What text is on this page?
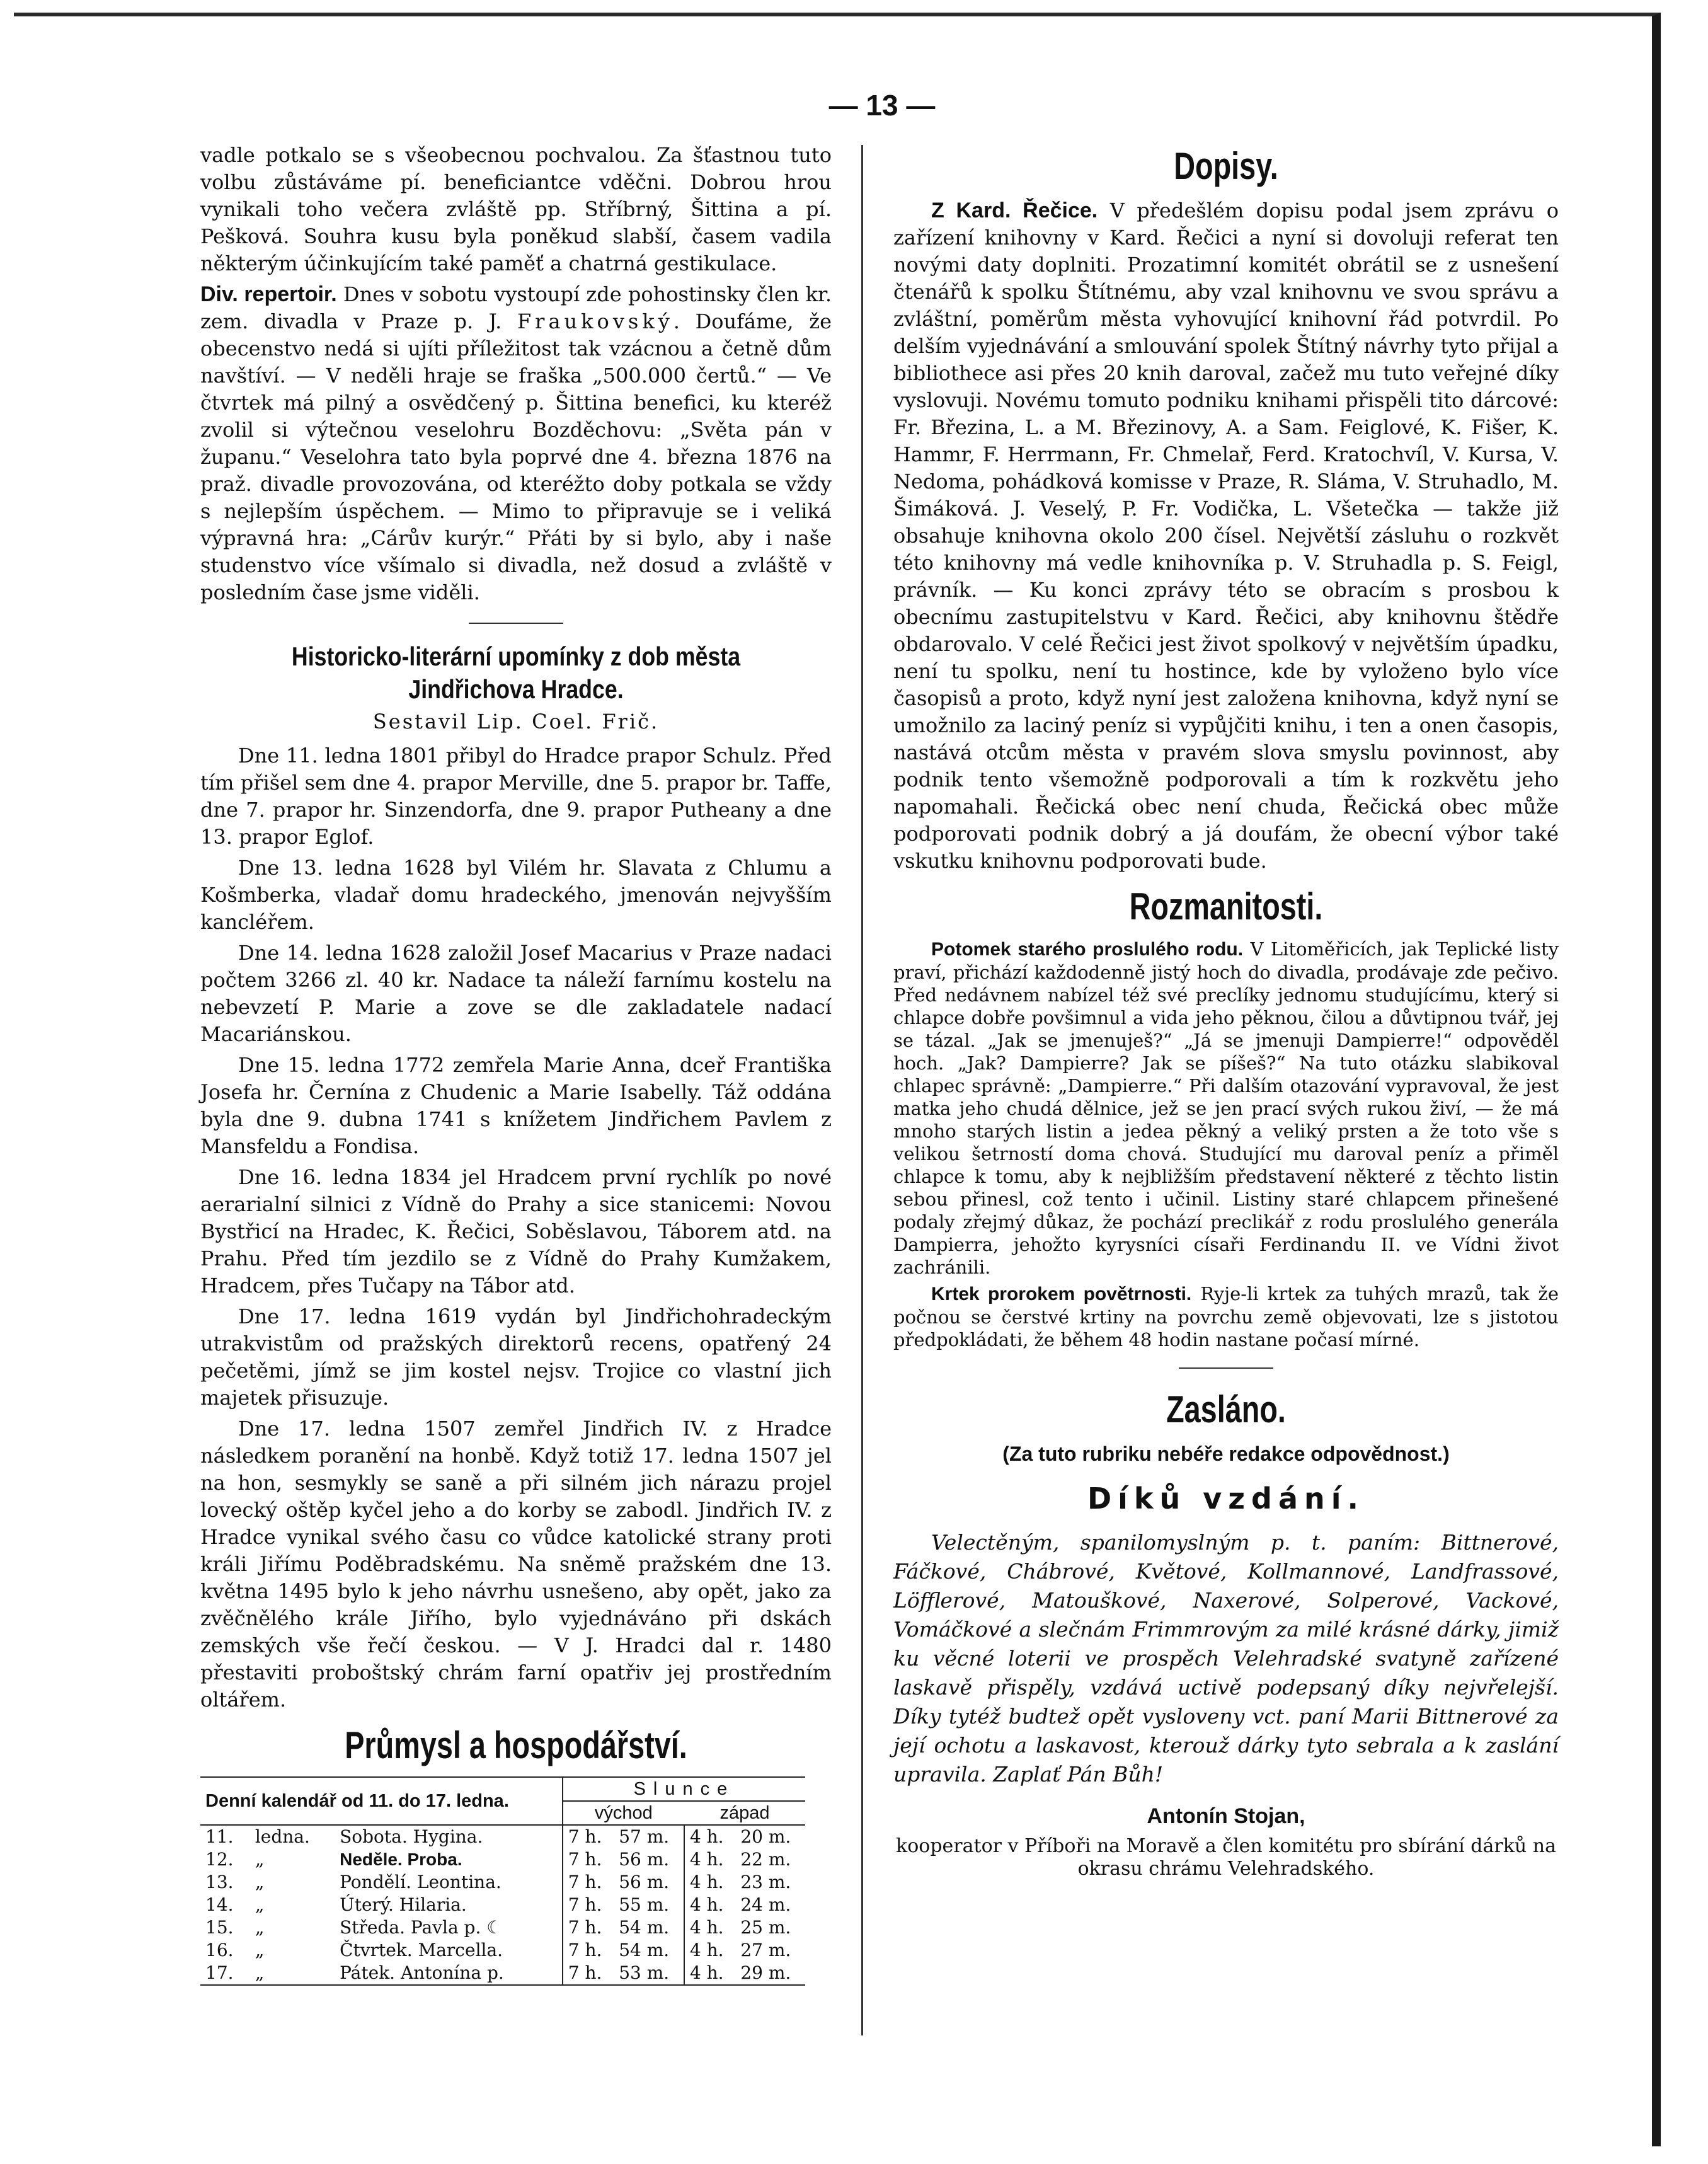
— 13 —

vadle potkalo se s všeobecnou pochvalou. Za šťastnou tuto volbu zůstáváme pí. beneficiantce vděčni. Dobrou hrou vynikali toho večera zvláště pp. Stříbrný, Šittina a pí. Pešková. Souhra kusu byla poněkud slabší, časem vadila některým účinkujícím také paměť a chatrná gestikulace.

Div. repertoir. Dnes v sobotu vystoupí zde pohostinsky člen kr. zem. divadla v Praze p. J. Fraukovský. Doufáme, že obecenstvo nedá si ujíti příležitost tak vzácnou a četně dům navštíví. — V neděli hraje se fraška „500.000 čertů.“ — Ve čtvrtek má pilný a osvědčený p. Šittina benefici, ku kteréž zvolil si výtečnou veselohru Bozděchovu: „Světa pán v županu.“ Veselohra tato byla poprvé dne 4. března 1876 na praž. divadle provozována, od kteréžto doby potkala se vždy s nejlepším úspěchem. — Mimo to připravuje se i veliká výpravná hra: „Cárův kurýr.“ Přáti by si bylo, aby i naše studenstvo více všímalo si divadla, než dosud a zvláště v posledním čase jsme viděli.

Historicko-literární upomínky z dob města
Jindřichova Hradce.
Sestavil Lip. Coel. Frič.

Dne 11. ledna 1801 přibyl do Hradce prapor Schulz. Před tím přišel sem dne 4. prapor Merville, dne 5. prapor br. Taffe, dne 7. prapor hr. Sinzendorfa, dne 9. prapor Putheany a dne 13. prapor Eglof.

Dne 13. ledna 1628 byl Vilém hr. Slavata z Chlumu a Košmberka, vladař domu hradeckého, jmenován nejvyšším kancléřem.

Dne 14. ledna 1628 založil Josef Macarius v Praze nadaci počtem 3266 zl. 40 kr. Nadace ta náleží farnímu kostelu na nebevzetí P. Marie a zove se dle zakladatele nadací Macariánskou.

Dne 15. ledna 1772 zemřela Marie Anna, dceř Františka Josefa hr. Černína z Chudenic a Marie Isabelly. Táž oddána byla dne 9. dubna 1741 s knížetem Jindřichem Pavlem z Mansfeldu a Fondisa.

Dne 16. ledna 1834 jel Hradcem první rychlík po nové aerarialní silnici z Vídně do Prahy a sice stanicemi: Novou Bystřicí na Hradec, K. Řečici, Soběslavou, Táborem atd. na Prahu. Před tím jezdilo se z Vídně do Prahy Kumžakem, Hradcem, přes Tučapy na Tábor atd.

Dne 17. ledna 1619 vydán byl Jindřichohradeckým utrakvistům od pražských direktorů recens, opatřený 24 pečetěmi, jímž se jim kostel nejsv. Trojice co vlastní jich majetek přisuzuje.

Dne 17. ledna 1507 zemřel Jindřich IV. z Hradce následkem poranění na honbě. Když totiž 17. ledna 1507 jel na hon, sesmykly se saně a při silném jich nárazu projel lovecký oštěp kyčel jeho a do korby se zabodl. Jindřich IV. z Hradce vynikal svého času co vůdce katolické strany proti králi Jiřímu Poděbradskému. Na sněmě pražském dne 13. května 1495 bylo k jeho návrhu usnešeno, aby opět, jako za zvěčnělého krále Jiřího, bylo vyjednáváno při dskách zemských vše řečí českou. — V J. Hradci dal r. 1480 přestaviti proboštský chrám farní opatřiv jej prostředním oltářem.

Průmysl a hospodářství.
Denní kalendář od 11. do 17. ledna.			Slunce			
			východ		západ	
11.	ledna.	Sobota. Hygina.	7 h.	57 m.	4 h.	20 m.
12.	„	Neděle. Proba.	7 h.	56 m.	4 h.	22 m.
13.	„	Pondělí. Leontina.	7 h.	56 m.	4 h.	23 m.
14.	„	Úterý. Hilaria.	7 h.	55 m.	4 h.	24 m.
15.	„	Středa. Pavla p. ☾	7 h.	54 m.	4 h.	25 m.
16.	„	Čtvrtek. Marcella.	7 h.	54 m.	4 h.	27 m.
17.	„	Pátek. Antonína p.	7 h.	53 m.	4 h.	29 m.
Dopisy.

Z Kard. Řečice. V předešlém dopisu podal jsem zprávu o zařízení knihovny v Kard. Řečici a nyní si dovoluji referat ten novými daty doplniti. Prozatimní komitét obrátil se z usnešení čtenářů k spolku Štítnému, aby vzal knihovnu ve svou správu a zvláštní, poměrům města vyhovující knihovní řád potvrdil. Po delším vyjednávání a smlouvání spolek Štítný návrhy tyto přijal a bibliothece asi přes 20 knih daroval, začež mu tuto veřejné díky vyslovuji. Novému tomuto podniku knihami přispěli tito dárcové: Fr. Březina, L. a M. Březinovy, A. a Sam. Feiglové, K. Fišer, K. Hammr, F. Herrmann, Fr. Chmelař, Ferd. Kratochvíl, V. Kursa, V. Nedoma, pohádková komisse v Praze, R. Sláma, V. Struhadlo, M. Šimáková. J. Veselý, P. Fr. Vodička, L. Všetečka — takže již obsahuje knihovna okolo 200 čísel. Největší zásluhu o rozkvět této knihovny má vedle knihovníka p. V. Struhadla p. S. Feigl, právník. — Ku konci zprávy této se obracím s prosbou k obecnímu zastupitelstvu v Kard. Řečici, aby knihovnu štědře obdarovalo. V celé Řečici jest život spolkový v největším úpadku, není tu spolku, není tu hostince, kde by vyloženo bylo více časopisů a proto, když nyní jest založena knihovna, když nyní se umožnilo za laciný peníz si vypůjčiti knihu, i ten a onen časopis, nastává otcům města v pravém slova smyslu povinnost, aby podnik tento všemožně podporovali a tím k rozkvětu jeho napomahali. Řečická obec není chuda, Řečická obec může podporovati podnik dobrý a já doufám, že obecní výbor také vskutku knihovnu podporovati bude.

Rozmanitosti.

Potomek starého proslulého rodu. V Litoměřicích, jak Teplické listy praví, přichází každodenně jistý hoch do divadla, prodávaje zde pečivo. Před nedávnem nabízel též své preclíky jednomu studujícímu, který si chlapce dobře povšimnul a vida jeho pěknou, čilou a důvtipnou tvář, jej se tázal. „Jak se jmenuješ?“ „Já se jmenuji Dampierre!“ odpověděl hoch. „Jak? Dampierre? Jak se píšeš?“ Na tuto otázku slabikoval chlapec správně: „Dampierre.“ Při dalším otazování vypravoval, že jest matka jeho chudá dělnice, jež se jen prací svých rukou živí, — že má mnoho starých listin a jedea pěkný a veliký prsten a že toto vše s velikou šetrností doma chová. Studující mu daroval peníz a přiměl chlapce k tomu, aby k nejbližším představení některé z těchto listin sebou přinesl, což tento i učinil. Listiny staré chlapcem přinešené podaly zřejmý důkaz, že pochází preclikář z rodu proslulého generála Dampierra, jehožto kyrysníci císaři Ferdinandu II. ve Vídni život zachránili.

Krtek prorokem povětrnosti. Ryje-li krtek za tuhých mrazů, tak že počnou se čerstvé krtiny na povrchu země objevovati, lze s jistotou předpokládati, že během 48 hodin nastane počasí mírné.

Zasláno.

(Za tuto rubriku nebéře redakce odpovědnost.)

Díků vzdání.

Velectěným, spanilomyslným p. t. paním: Bittnerové, Fáčkové, Chábrové, Květové, Kollmannové, Landfrassové, Löfflerové, Matouškové, Naxerové, Solperové, Vackové, Vomáčkové a slečnám Frimmrovým za milé krásné dárky, jimiž ku věcné loterii ve prospěch Velehradské svatyně zařízené laskavě přispěly, vzdává uctivě podepsaný díky nejvřelejší. Díky tytéž budtež opět vysloveny vct. paní Marii Bittnerové za její ochotu a laskavost, kterouž dárky tyto sebrala a k zaslání upravila. Zaplať Pán Bůh!

Antonín Stojan,
kooperator v Příboři na Moravě a člen komitétu pro sbírání dárků na okrasu chrámu Velehradského.
